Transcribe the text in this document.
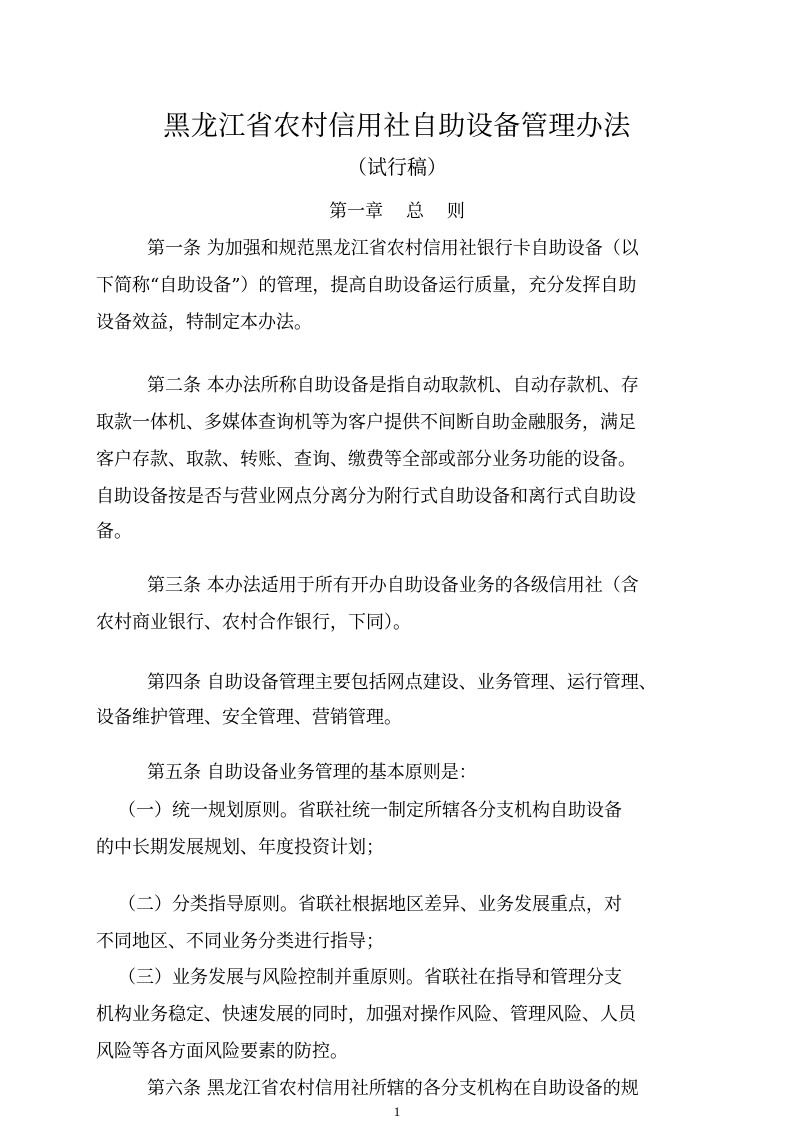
黑龙江省农村信用社自助设备管理办法
（试行稿）
第一章    总    则
第一条 为加强和规范黑龙江省农村信用社银行卡自助设备（以
下简称“自助设备”）的管理，提高自助设备运行质量，充分发挥自助
设备效益，特制定本办法。
第二条 本办法所称自助设备是指自动取款机、自动存款机、存
取款一体机、多媒体查询机等为客户提供不间断自助金融服务，满足
客户存款、取款、转账、查询、缴费等全部或部分业务功能的设备。
自助设备按是否与营业网点分离分为附行式自助设备和离行式自助设
备。
第三条 本办法适用于所有开办自助设备业务的各级信用社（含
农村商业银行、农村合作银行，下同）。
第四条 自助设备管理主要包括网点建设、业务管理、运行管理、
设备维护管理、安全管理、营销管理。
第五条 自助设备业务管理的基本原则是：
（一）统一规划原则。省联社统一制定所辖各分支机构自助设备
的中长期发展规划、年度投资计划；
（二）分类指导原则。省联社根据地区差异、业务发展重点，对
不同地区、不同业务分类进行指导；
（三）业务发展与风险控制并重原则。省联社在指导和管理分支
机构业务稳定、快速发展的同时，加强对操作风险、管理风险、人员
风险等各方面风险要素的防控。
第六条 黑龙江省农村信用社所辖的各分支机构在自助设备的规
1
